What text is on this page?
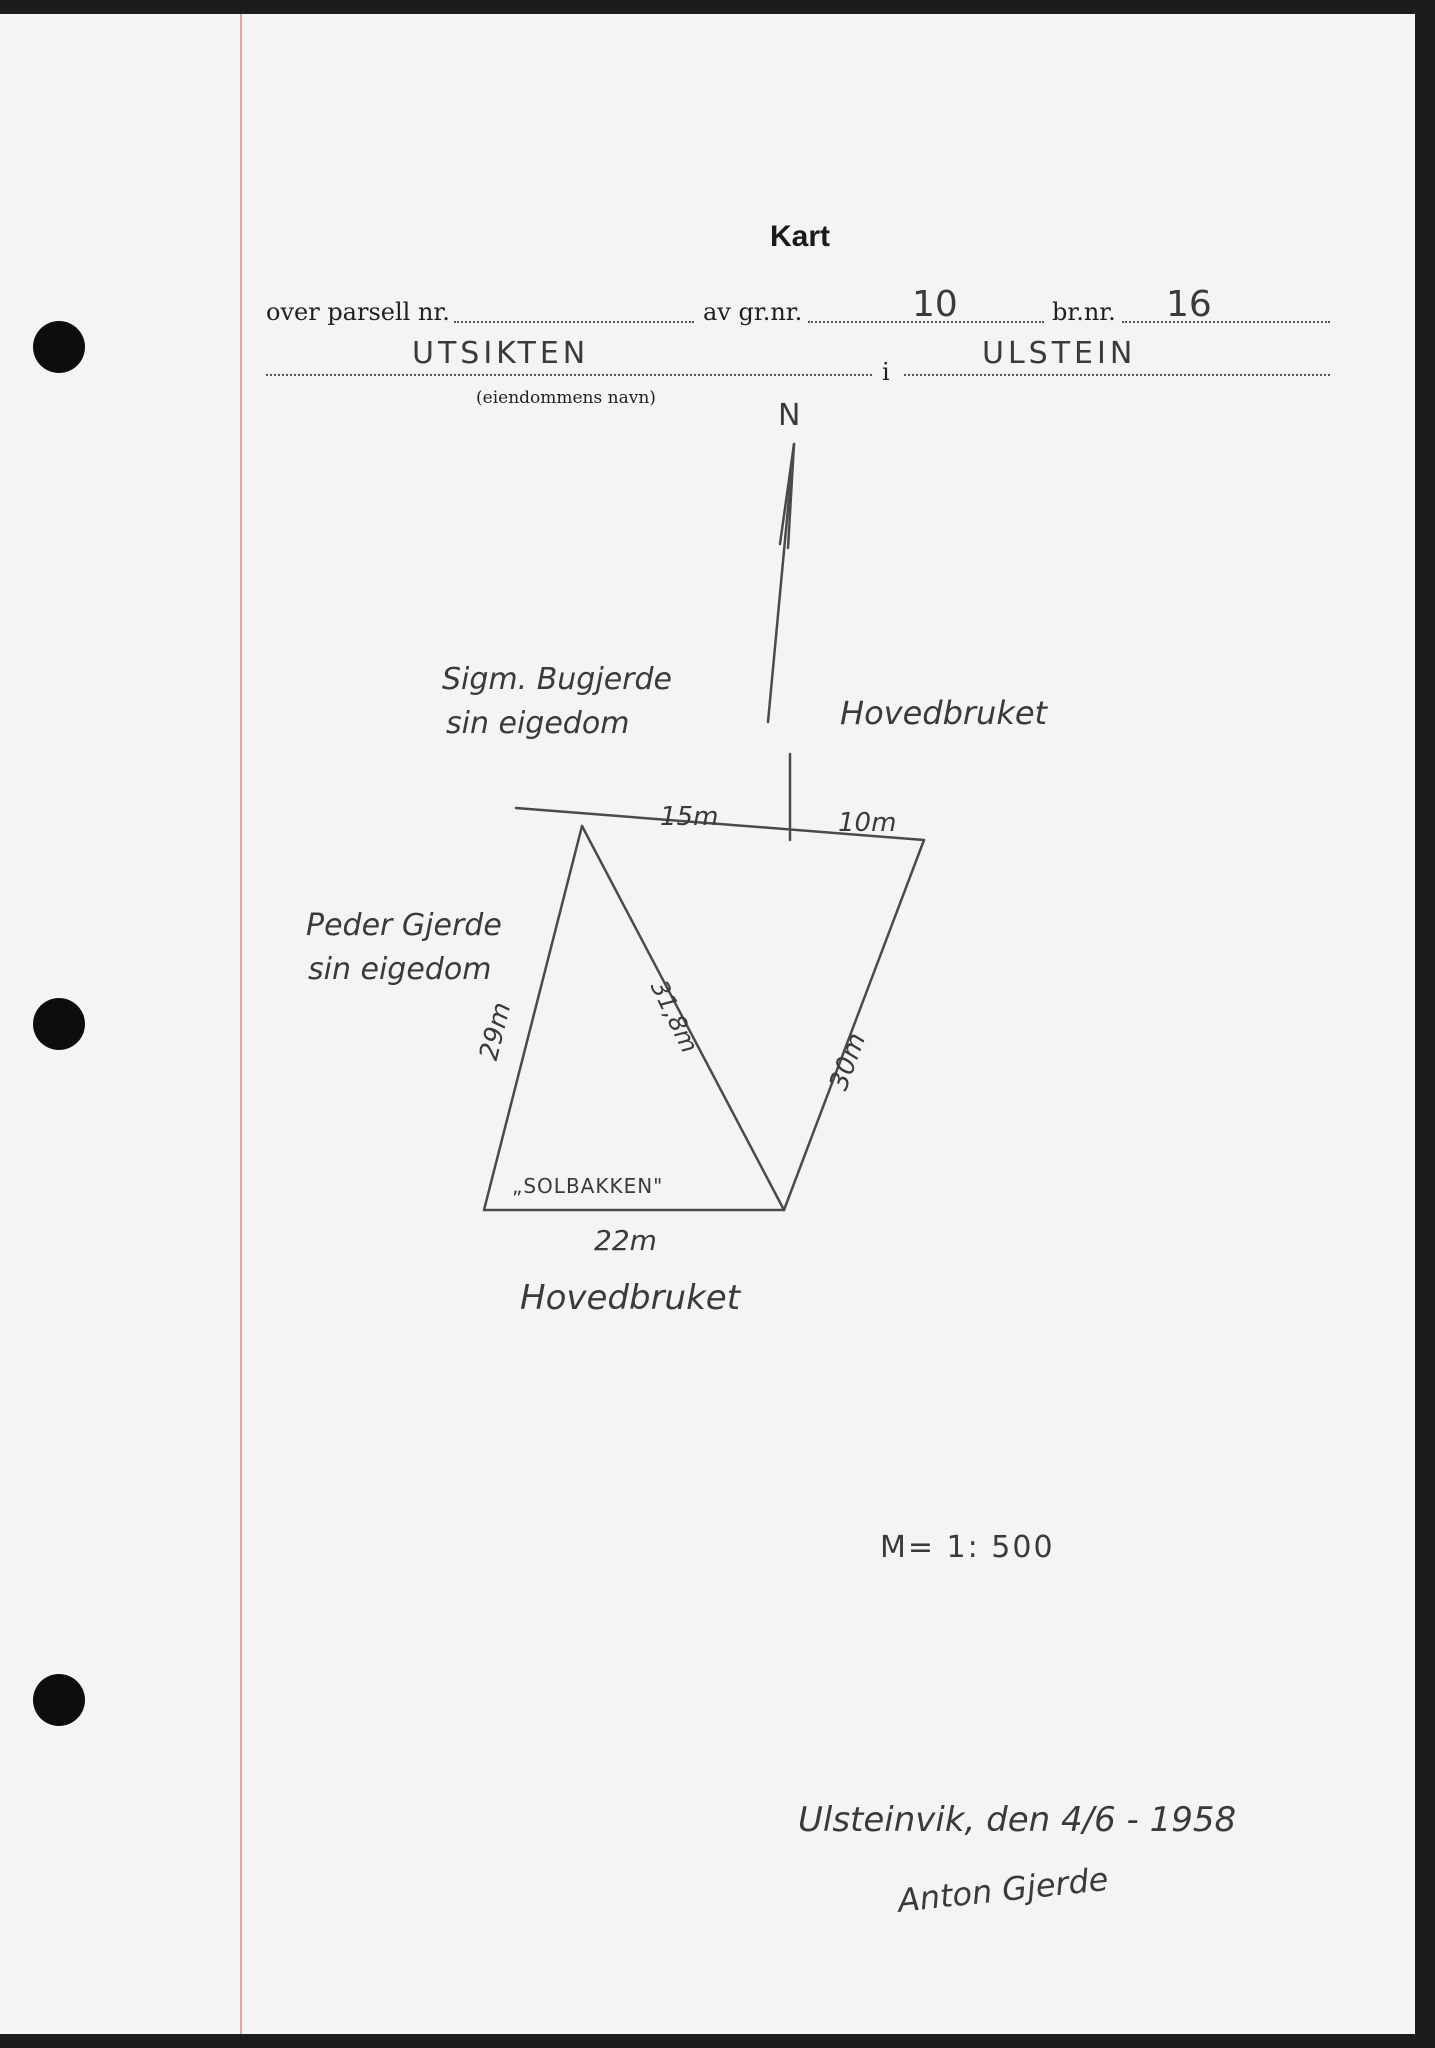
Kart
over parsell nr.	av gr.nr.	10	br.nr. 16
UTSIKTEN
(eiendommens navn)
i
ULSTEIN
N
Sigm. Bugjerde
sin eigedom	Hovedbruket
Peder Gjerde
sin eigedom
15m	10m
29m	31,8m
30m
„SOLBAKKEN"
22m
Hovedbruket
M= 1: 500
Ulsteinvik, den 4/6 - 1958
Anton Gjerde
